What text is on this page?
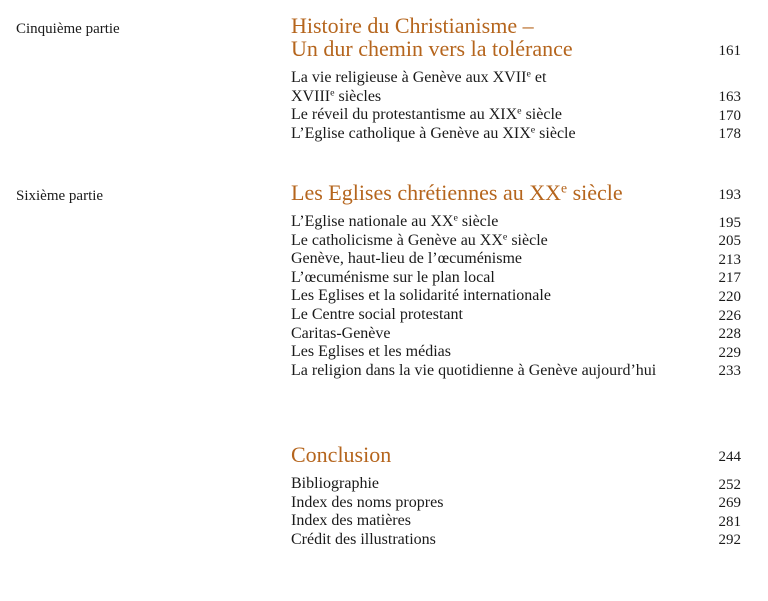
Cinquième partie	Histoire du Christianisme –
Un dur chemin vers la tolérance	161
La vie religieuse à Genève aux XVIIe et
XVIIIe siècles	163
Le réveil du protestantisme au XIXe siècle	170
L’Eglise catholique à Genève au XIXe siècle	178
Sixième partie	Les Eglises chrétiennes au XXe siècle	193
L’Eglise nationale au XXe siècle	195
Le catholicisme à Genève au XXe siècle	205
Genève, haut-lieu de l’œcuménisme	213
L’œcuménisme sur le plan local	217
Les Eglises et la solidarité internationale	220
Le Centre social protestant	226
Caritas-Genève	228
Les Eglises et les médias	229
La religion dans la vie quotidienne à Genève aujourd’hui	233
Conclusion	244
Bibliographie	252
Index des noms propres	269
Index des matières	281
Crédit des illustrations	292
